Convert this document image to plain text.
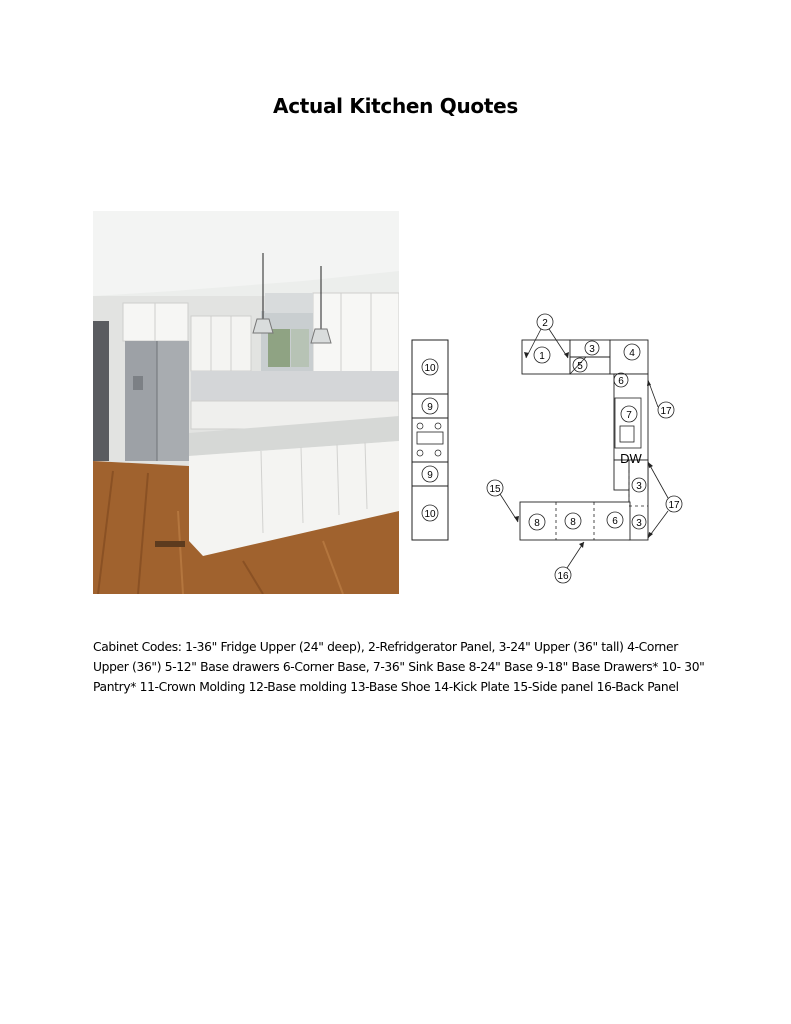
Actual Kitchen Quotes
10
9
9
10
2
1
3
5
4
6
17
7
DW
15	3
17
8	8	6 3
16
Cabinet Codes: 1-36" Fridge Upper (24" deep), 2-Refridgerator Panel, 3-24" Upper (36" tall) 4-Corner Upper (36") 5-12" Base drawers 6-Corner Base, 7-36" Sink Base 8-24" Base 9-18" Base Drawers* 10- 30" Pantry* 11-Crown Molding 12-Base molding 13-Base Shoe 14-Kick Plate 15-Side panel 16-Back Panel
